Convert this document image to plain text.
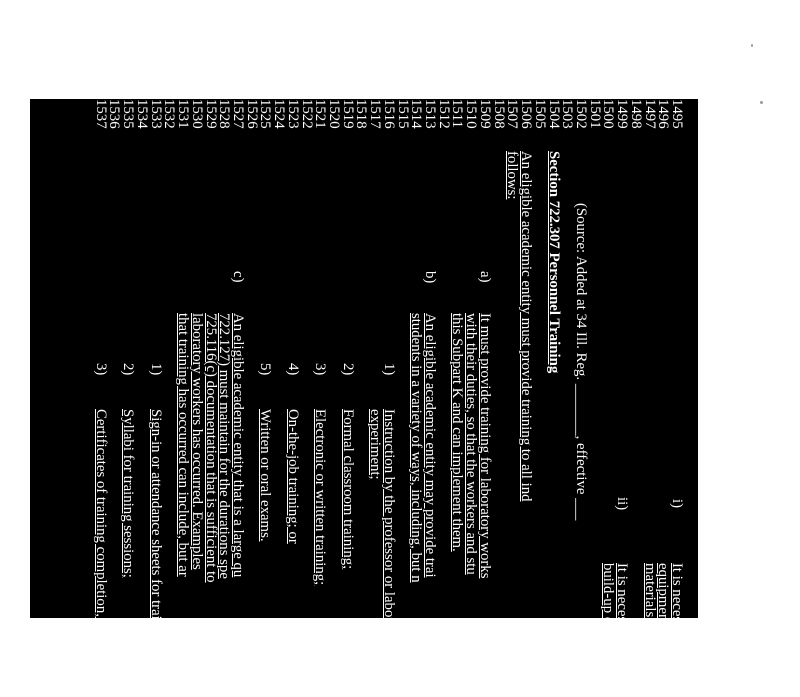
1495
i)
It is necessary for the
1496
equipment, such as wi
1497
materials from high pe
1498
1499
ii)
It is necessary to prev
1500
build-up of extreme p
1501
1502
(Source: Added at 34 Ill. Reg. _______, effective ___
1503
1504
Section 722.307 Personnel Training
1505
1506
An eligible academic entity must provide training to all ind
1507
follows:
1508
1509
a)
It must provide training for laboratory works
1510
with their duties, so that the workers and stu
1511
this Subpart K and can implement them.
1512
1513
b)
An eligible academic entity may provide trai
1514
students in a variety of ways, including, but n
1515
1516
1)
Instruction by the professor or labora
1517
experiment;
1518
1519
2)
Formal classroom training;
1520
1521
3)
Electronic or written training;
1522
1523
4)
On-the-job training; or
1524
1525
5)
Written or oral exams.
1526
1527
c)
An eligible academic entity that is a large qu
1528
722.127) must maintain for the durations spe
1529
725.116(c) documentation that is sufficient to
1530
laboratory workers has occurred. Examples
1531
that training has occurred can include, but ar
1532
1533
1)
Sign-in or attendance sheets for traini
1534
1535
2)
Syllabi for training sessions;
1536
1537
3)
Certificates of training completion, o
